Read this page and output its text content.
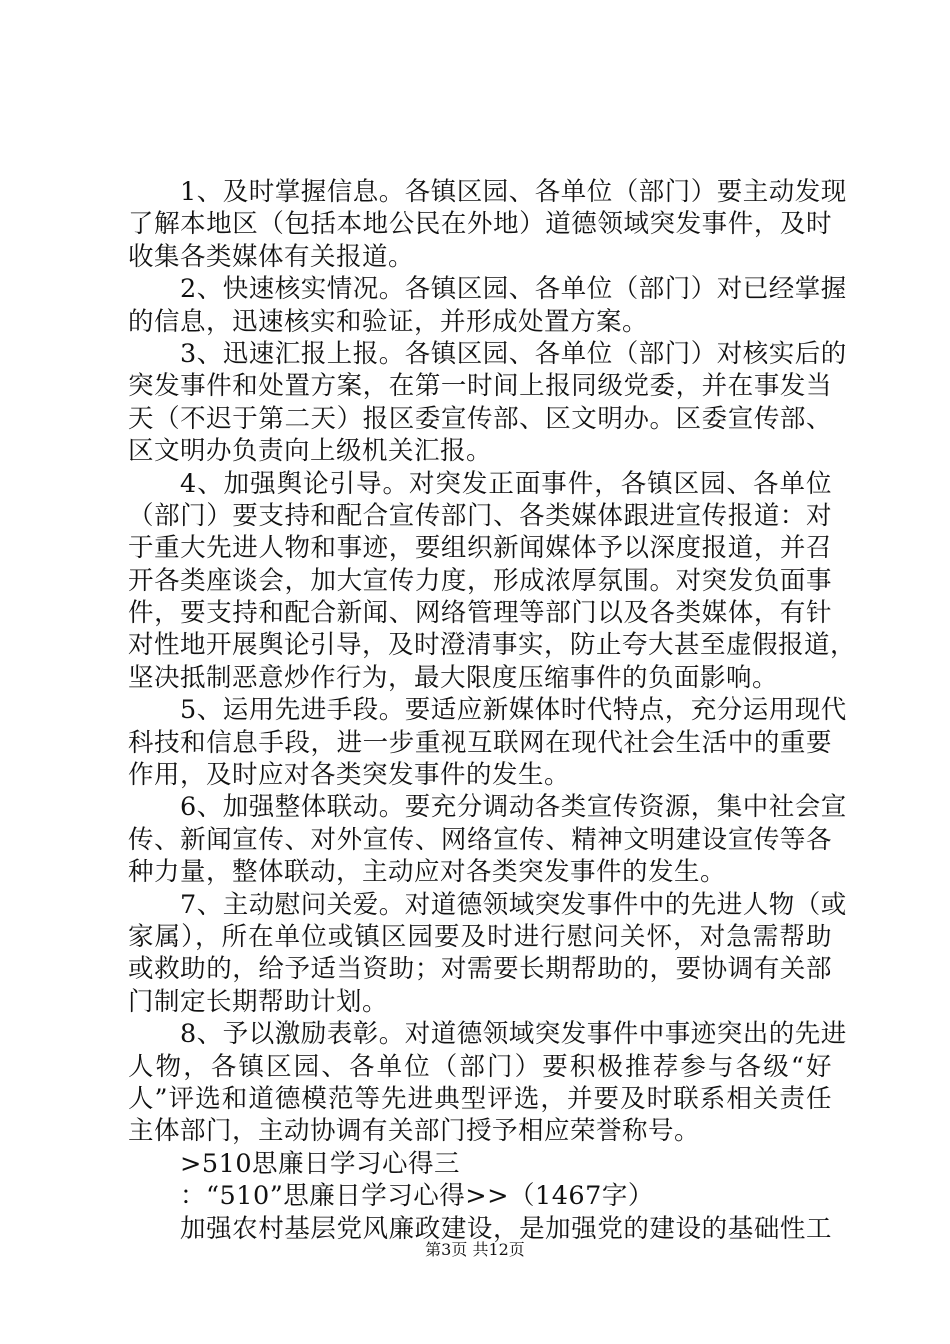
1、及时掌握信息。各镇区园、各单位（部门）要主动发现
了解本地区（包括本地公民在外地）道德领域突发事件，及时
收集各类媒体有关报道。
2、快速核实情况。各镇区园、各单位（部门）对已经掌握
的信息，迅速核实和验证，并形成处置方案。
3、迅速汇报上报。各镇区园、各单位（部门）对核实后的
突发事件和处置方案，在第一时间上报同级党委，并在事发当
天（不迟于第二天）报区委宣传部、区文明办。区委宣传部、
区文明办负责向上级机关汇报。
4、加强舆论引导。对突发正面事件，各镇区园、各单位
（部门）要支持和配合宣传部门、各类媒体跟进宣传报道：对
于重大先进人物和事迹，要组织新闻媒体予以深度报道，并召
开各类座谈会，加大宣传力度，形成浓厚氛围。对突发负面事
件，要支持和配合新闻、网络管理等部门以及各类媒体，有针
对性地开展舆论引导，及时澄清事实，防止夸大甚至虚假报道，
坚决抵制恶意炒作行为，最大限度压缩事件的负面影响。
5、运用先进手段。要适应新媒体时代特点，充分运用现代
科技和信息手段，进一步重视互联网在现代社会生活中的重要
作用，及时应对各类突发事件的发生。
6、加强整体联动。要充分调动各类宣传资源，集中社会宣
传、新闻宣传、对外宣传、网络宣传、精神文明建设宣传等各
种力量，整体联动，主动应对各类突发事件的发生。
7、主动慰问关爱。对道德领域突发事件中的先进人物（或
家属），所在单位或镇区园要及时进行慰问关怀，对急需帮助
或救助的，给予适当资助；对需要长期帮助的，要协调有关部
门制定长期帮助计划。
8、予以激励表彰。对道德领域突发事件中事迹突出的先进
人物，各镇区园、各单位（部门）要积极推荐参与各级“好
人”评选和道德模范等先进典型评选，并要及时联系相关责任
主体部门，主动协调有关部门授予相应荣誉称号。
>510思廉日学习心得三
：“510”思廉日学习心得>>（1467字）
加强农村基层党风廉政建设，是加强党的建设的基础性工
第3页 共12页
